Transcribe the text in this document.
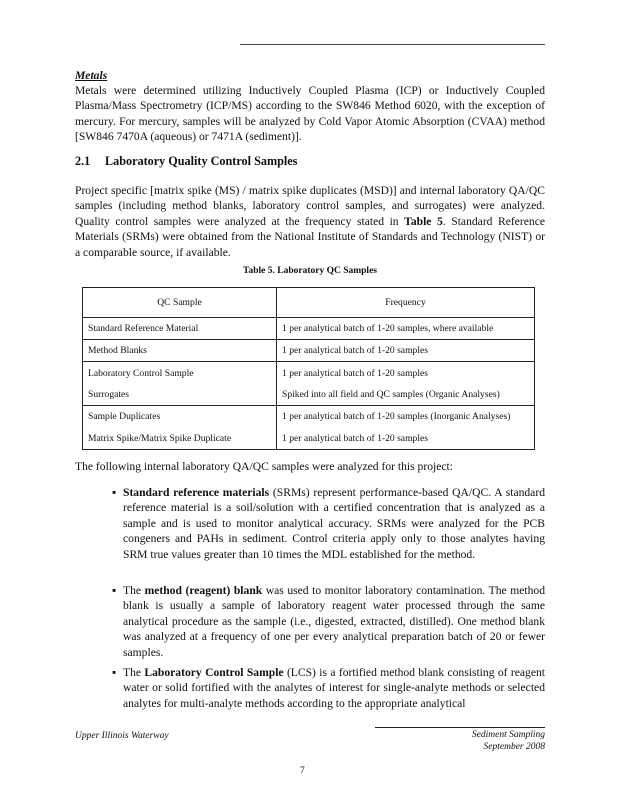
Metals
Metals were determined utilizing Inductively Coupled Plasma (ICP) or Inductively Coupled Plasma/Mass Spectrometry (ICP/MS) according to the SW846 Method 6020, with the exception of mercury. For mercury, samples will be analyzed by Cold Vapor Atomic Absorption (CVAA) method [SW846 7470A (aqueous) or 7471A (sediment)].
2.1 Laboratory Quality Control Samples
Project specific [matrix spike (MS) / matrix spike duplicates (MSD)] and internal laboratory QA/QC samples (including method blanks, laboratory control samples, and surrogates) were analyzed. Quality control samples were analyzed at the frequency stated in Table 5. Standard Reference Materials (SRMs) were obtained from the National Institute of Standards and Technology (NIST) or a comparable source, if available.
Table 5. Laboratory QC Samples
QC Sample	Frequency
Standard Reference Material	1 per analytical batch of 1-20 samples, where available
Method Blanks	1 per analytical batch of 1-20 samples
Laboratory Control Sample	1 per analytical batch of 1-20 samples
Surrogates	Spiked into all field and QC samples (Organic Analyses)
Sample Duplicates	1 per analytical batch of 1-20 samples (Inorganic Analyses)
Matrix Spike/Matrix Spike Duplicate	1 per analytical batch of 1-20 samples
The following internal laboratory QA/QC samples were analyzed for this project:
▪ Standard reference materials (SRMs) represent performance-based QA/QC. A standard reference material is a soil/solution with a certified concentration that is analyzed as a sample and is used to monitor analytical accuracy. SRMs were analyzed for the PCB congeners and PAHs in sediment. Control criteria apply only to those analytes having SRM true values greater than 10 times the MDL established for the method.
▪ The method (reagent) blank was used to monitor laboratory contamination. The method blank is usually a sample of laboratory reagent water processed through the same analytical procedure as the sample (i.e., digested, extracted, distilled). One method blank was analyzed at a frequency of one per every analytical preparation batch of 20 or fewer samples.
▪ The Laboratory Control Sample (LCS) is a fortified method blank consisting of reagent water or solid fortified with the analytes of interest for single-analyte methods or selected analytes for multi-analyte methods according to the appropriate analytical
Upper Illinois Waterway	Sediment Sampling
September 2008
7
